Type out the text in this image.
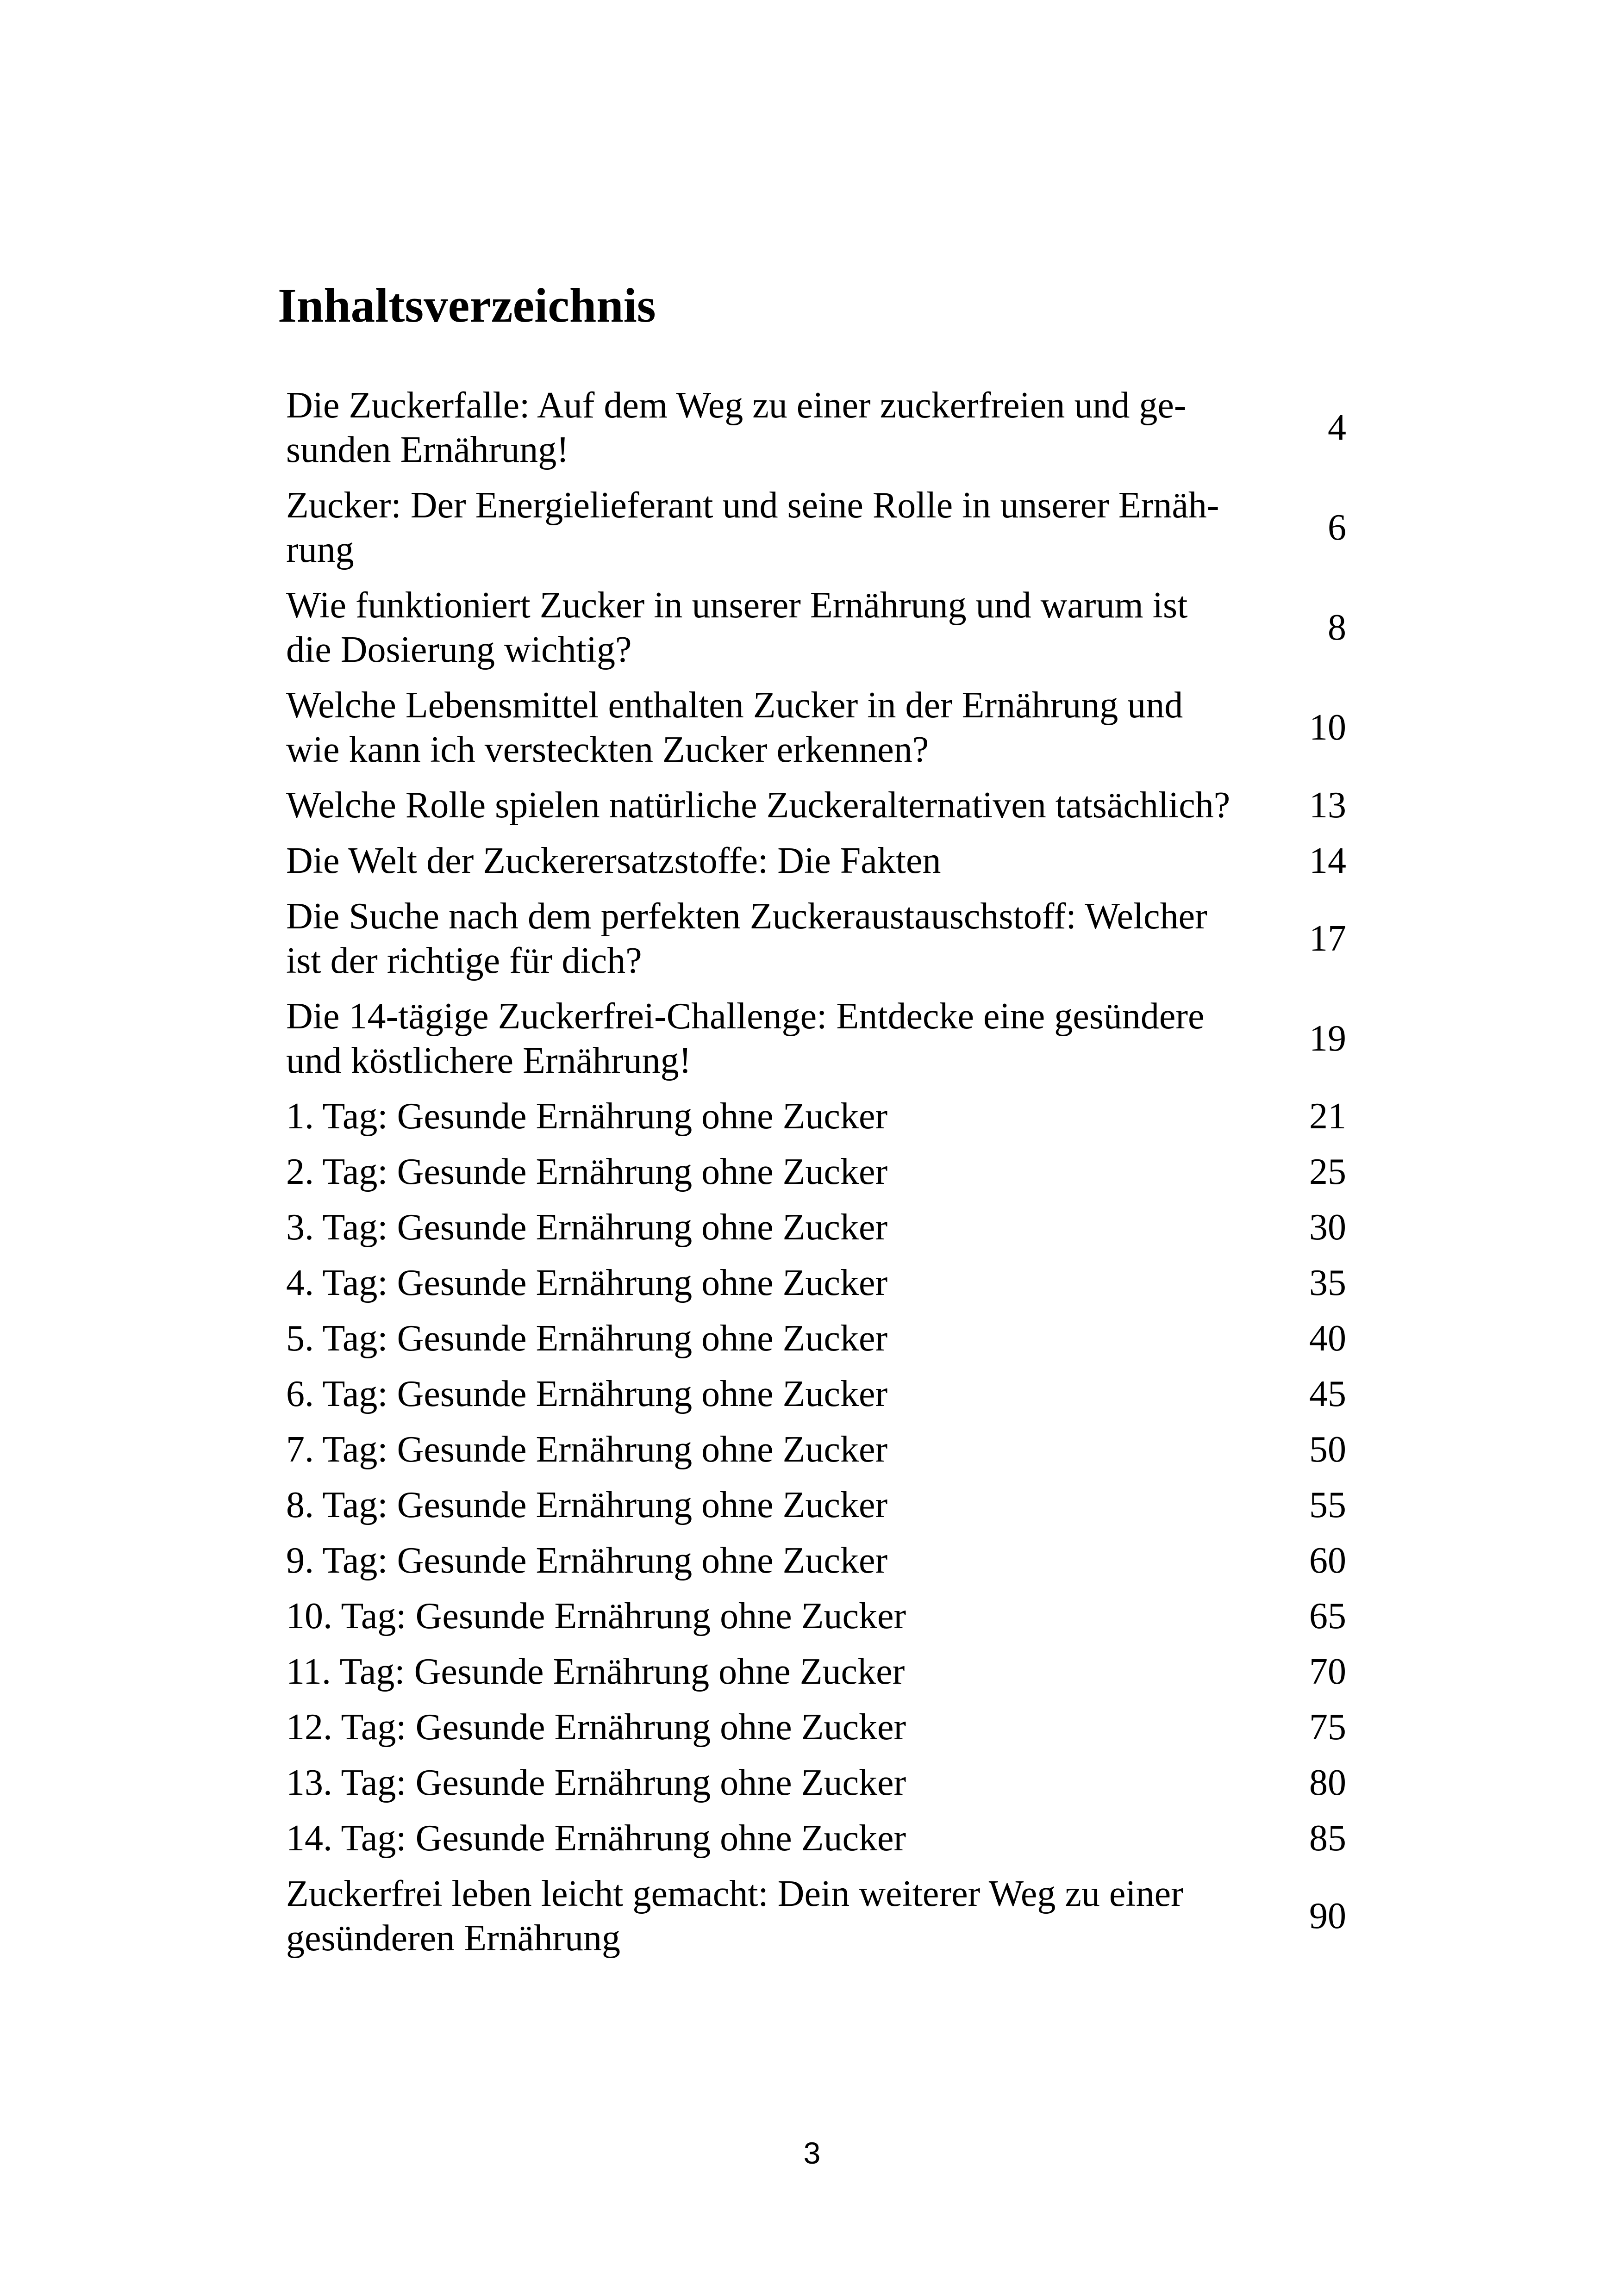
Inhaltsverzeichnis
Die Zuckerfalle: Auf dem Weg zu einer zuckerfreien und ge-
sunden Ernährung!
4
Zucker: Der Energielieferant und seine Rolle in unserer Ernäh-
rung
6
Wie funktioniert Zucker in unserer Ernährung und warum ist
die Dosierung wichtig?
8
Welche Lebensmittel enthalten Zucker in der Ernährung und
wie kann ich versteckten Zucker erkennen?
10
Welche Rolle spielen natürliche Zuckeralternativen tatsächlich?	13
Die Welt der Zuckerersatzstoffe: Die Fakten	14
Die Suche nach dem perfekten Zuckeraustauschstoff: Welcher
ist der richtige für dich?
17
Die 14-tägige Zuckerfrei-Challenge: Entdecke eine gesündere
und köstlichere Ernährung!
19
1. Tag: Gesunde Ernährung ohne Zucker	21
2. Tag: Gesunde Ernährung ohne Zucker	25
3. Tag: Gesunde Ernährung ohne Zucker	30
4. Tag: Gesunde Ernährung ohne Zucker	35
5. Tag: Gesunde Ernährung ohne Zucker	40
6. Tag: Gesunde Ernährung ohne Zucker	45
7. Tag: Gesunde Ernährung ohne Zucker	50
8. Tag: Gesunde Ernährung ohne Zucker	55
9. Tag: Gesunde Ernährung ohne Zucker	60
10. Tag: Gesunde Ernährung ohne Zucker	65
11. Tag: Gesunde Ernährung ohne Zucker	70
12. Tag: Gesunde Ernährung ohne Zucker	75
13. Tag: Gesunde Ernährung ohne Zucker	80
14. Tag: Gesunde Ernährung ohne Zucker	85
Zuckerfrei leben leicht gemacht: Dein weiterer Weg zu einer
gesünderen Ernährung
90
3
